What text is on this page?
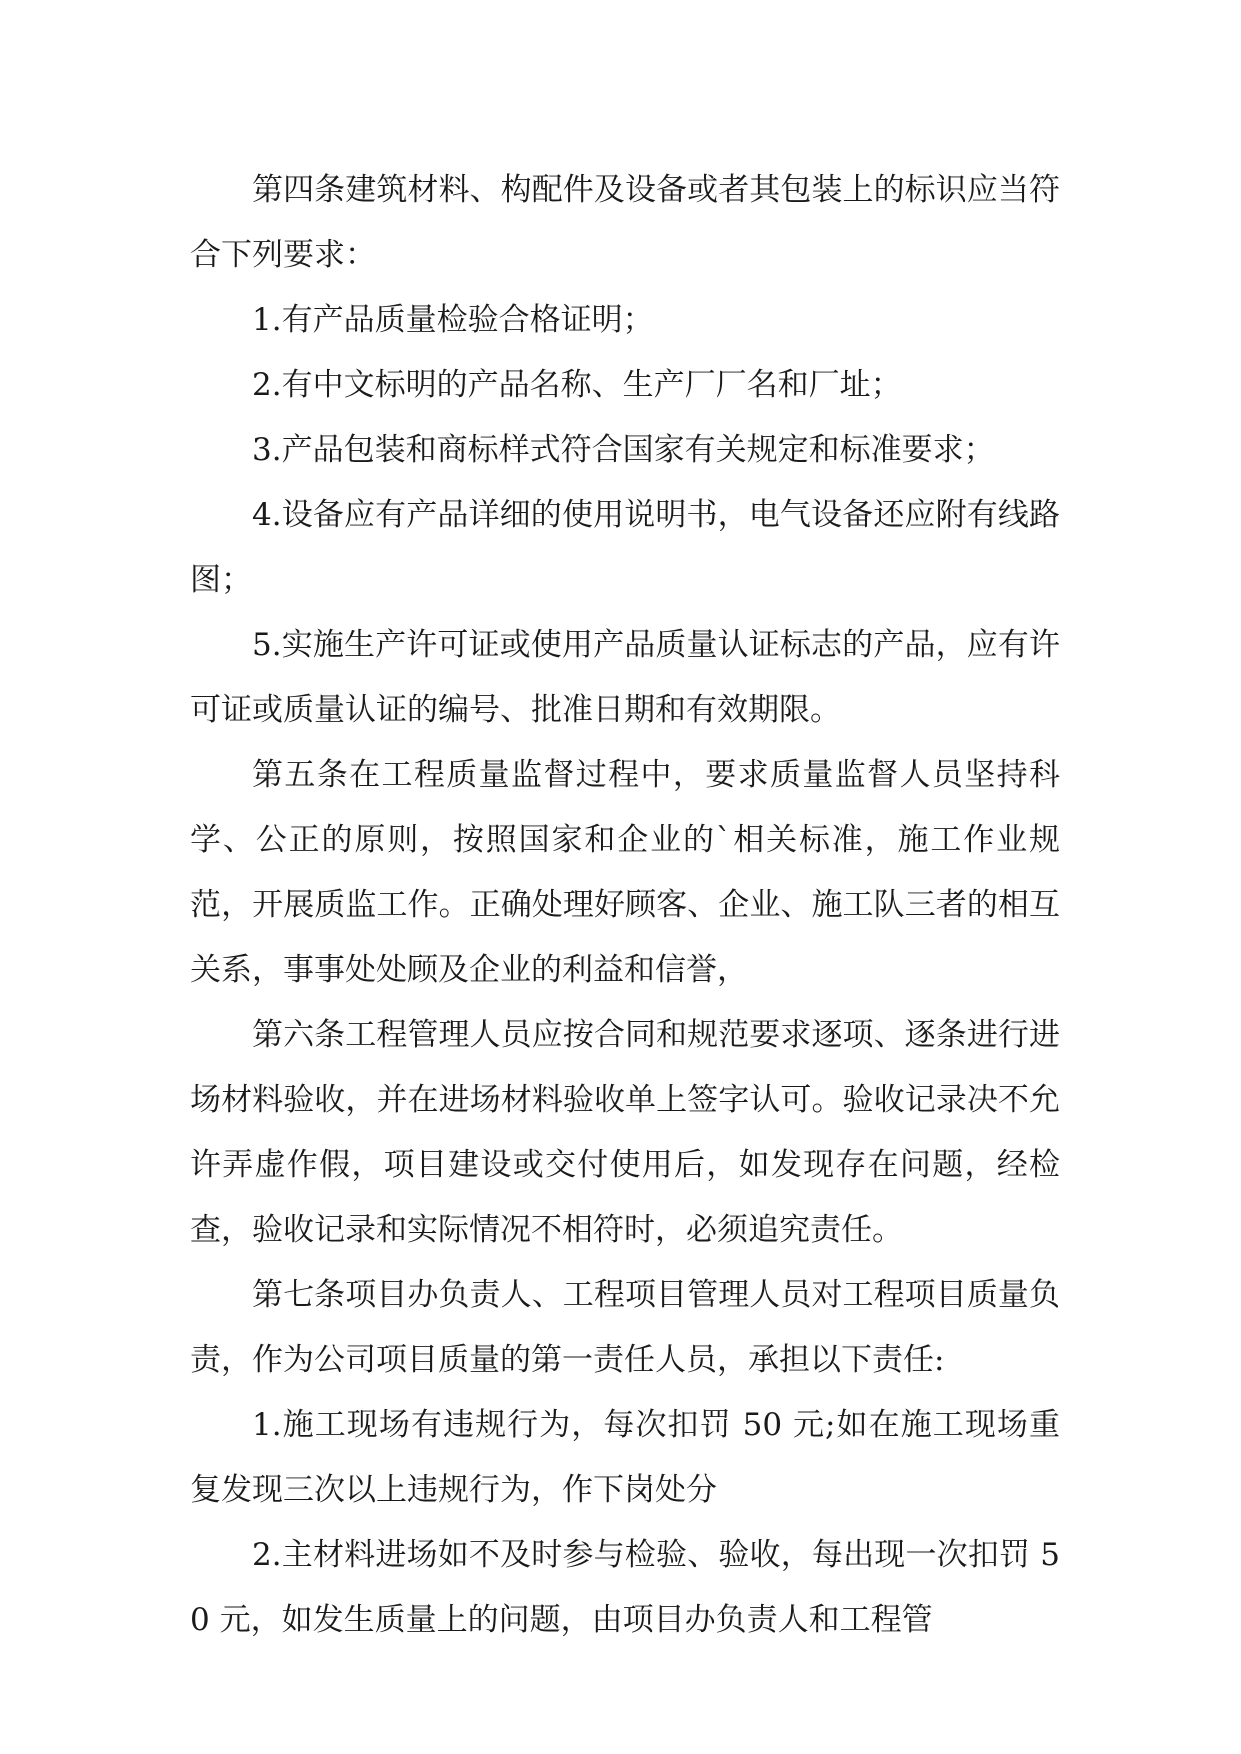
第四条建筑材料、构配件及设备或者其包装上的标识应当符合下列要求：

1.有产品质量检验合格证明；

2.有中文标明的产品名称、生产厂厂名和厂址；

3.产品包装和商标样式符合国家有关规定和标准要求；

4.设备应有产品详细的使用说明书，电气设备还应附有线路图；

5.实施生产许可证或使用产品质量认证标志的产品，应有许可证或质量认证的编号、批准日期和有效期限。

第五条在工程质量监督过程中，要求质量监督人员坚持科学、公正的原则，按照国家和企业的`相关标准，施工作业规范，开展质监工作。正确处理好顾客、企业、施工队三者的相互关系，事事处处顾及企业的利益和信誉，

第六条工程管理人员应按合同和规范要求逐项、逐条进行进场材料验收，并在进场材料验收单上签字认可。验收记录决不允许弄虚作假，项目建设或交付使用后，如发现存在问题，经检查，验收记录和实际情况不相符时，必须追究责任。

第七条项目办负责人、工程项目管理人员对工程项目质量负责，作为公司项目质量的第一责任人员，承担以下责任:

1.施工现场有违规行为，每次扣罚 50 元;如在施工现场重复发现三次以上违规行为，作下岗处分

2.主材料进场如不及时参与检验、验收，每出现一次扣罚 50 元，如发生质量上的问题，由项目办负责人和工程管
